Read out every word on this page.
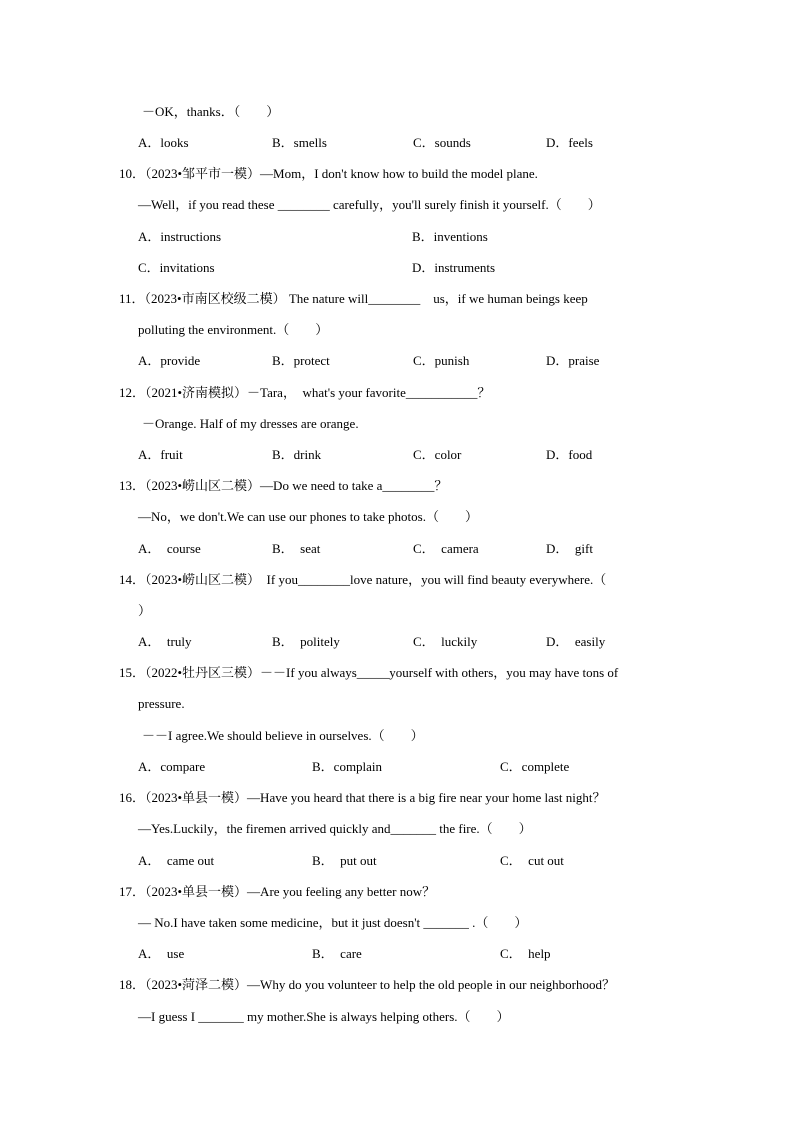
－OK，thanks．（　　）
A．looks	B．smells	C．sounds	D．feels
10．（2023•邹平市一模）—Mom，I don't know how to build the model plane.
—Well，if you read these ________ carefully，you'll surely finish it yourself.（　　）
A．instructions	B．inventions
C．invitations	D．instruments
11．（2023•市南区校级二模） The nature will________    us，if we human beings keep
polluting the environment.（　　）
A．provide	B．protect	C．punish	D．praise
12．（2021•济南模拟）－Tara，  what's your favorite___________？
－Orange. Half of my dresses are orange.
A．fruit	B．drink	C．color	D．food
13．（2023•崂山区二模）—Do we need to take a________？
—No，we don't.We can use our phones to take photos.（　　）
A．  course	B．  seat	C．  camera	D．  gift
14．（2023•崂山区二模）  If you________love nature，you will find beauty everywhere.（
）
A．  truly	B．  politely	C．  luckily	D．  easily
15．（2022•牡丹区三模）－－If you always_____yourself with others，you may have tons of
pressure.
－－I agree.We should believe in ourselves.（　　）
A．compare	B．complain	C．complete
16．（2023•单县一模）—Have you heard that there is a big fire near your home last night？
—Yes.Luckily，the firemen arrived quickly and_______ the fire.（　　）
A．  came out	B．  put out	C．  cut out
17．（2023•单县一模）—Are you feeling any better now？
— No.I have taken some medicine，but it just doesn't _______ .（　　）
A．  use	B．  care	C．  help
18．（2023•菏泽二模）—Why do you volunteer to help the old people in our neighborhood？
—I guess I _______ my mother.She is always helping others.（　　）
